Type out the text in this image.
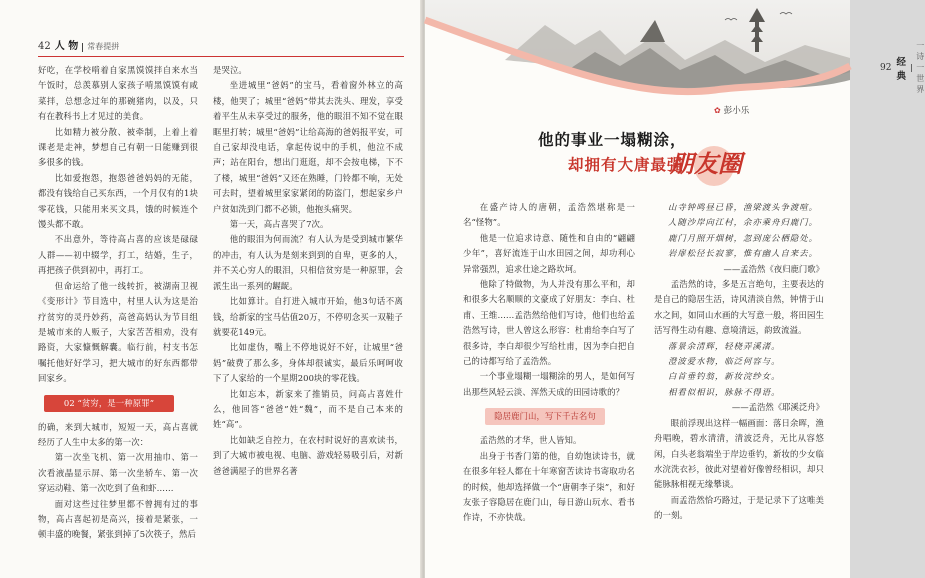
42 人 物 常春提拼

好吃，在学校啃着自家黑馍馍拌自来水当午饭时，总羡慕别人家孩子啃黑馍馍有咸菜拌，总想念过年的那碗猪肉，以及，只有在教科书上才见过的美食。

比如精力被分散、被牵制，上着上着课老是走神，梦想自己有朝一日能赚到很多很多的钱。

比如爱抱怨，抱怨爸爸妈妈的无能，都没有钱给自己买东西，一个月仅有的1块零花钱，只能用来买文具，饿的时候连个馒头都不敢。

不出意外，等待高占喜的应该是碌碌人群——初中辍学，打工，结婚，生子，再把孩子供到初中，再打工。

但命运给了他一线转折，被湖南卫视《变形计》节目选中，村里人认为这是治疗贫穷的灵丹妙药，高爸高妈认为节目组是城市来的人贩子，大家苦苦相劝，没有路资，大家慷慨解囊。临行前，村支书怎嘱托他好好学习，把大城市的好东西都带回家乡。

02 “贫穷，是一种原罪”

的确，来到大城市，短短一天，高占喜就经历了人生中太多的第一次：

第一次坐飞机、第一次用抽巾、第一次看液晶显示屏、第一次坐轿车、第一次穿运动鞋、第一次吃到了鱼和虾……

面对这些过往梦里都不曾拥有过的事物，高占喜起初是高兴，接着是紧张，一顿丰盛的晚餐，紧张到掉了5次筷子，然后

是哭泣。

坐进城里“爸妈”的宝马，看着窗外林立的高楼，他哭了；城里“爸妈”带其去洗头、理发，享受着平生从未享受过的服务，他的眼泪不知不觉在眼眶里打转；城里“爸妈”让给高海的爸妈报平安，可自己家却没电话，拿起传说中的手机，他泣不成声；站在阳台，想出门逛逛，却不会按电梯，下不了楼，城里“爸妈”又还在熟睡，门铃都不响，无处可去时，望着城里家家紧闭的防盗门，想起家乡户户贫如洗到门都不必锁，他抱头痛哭。

第一天，高占喜哭了7次。

他的眼泪为何而流？有人认为是受到城市繁华的冲击，有人认为是刻来到到的自卑，更多的人，并不关心穷人的眼泪，只相信贫穷是一种原罪，会派生出一系列的龌龊。

比如算计。自打进入城市开始，他3句话不离钱，给新家的宝马估值20万，不停叨念买一双鞋子就要花149元。

比如虚伪，嘴上不停地说好不好，让城里“爸妈”破费了那么多，身体却很诚实，最后乐呵呵收下了人家给的一个星期200块的零花钱。

比如忘本，新家来了推销员，问高占喜姓什么，他回答“爸爸”姓“魏”，而不是自己本来的姓“高”。

比如缺乏自控力，在农村时说好的喜欢读书，到了大城市被电视、电脑、游戏轻易吸引后，对新爸爸满屋子的世界名著

92 经 典
一诗一世界
✿ 彭小乐
他的事业一塌糊涂，
却拥有大唐最强
朋友圈

在盛产诗人的唐朝，孟浩然堪称是一名“怪物”。

他是一位追求诗意、随性和自由的“翩翩少年”，喜好流连于山水田园之间，却功利心异常强烈，追求仕途之路坎坷。

他除了特做物，为人并没有那么平和，却和很多大名顺顺的文豪成了好朋友：李白、杜甫、王维……孟浩然给他们写诗，他们也给孟浩然写诗，世人曾这么形容：杜甫给李白写了很多诗，李白却很少写给杜甫，因为李白把自己的诗都写给了孟浩然。

一个事业塌糊一塌糊涂的男人，是如何写出那些风轻云淡、浑然天成的田园诗歌的？

隐居鹿门山，写下千古名句

孟浩然的才华，世人皆知。

出身于书香门第的他，自幼饱读诗书，就在很多年轻人都在十年寒窗苦读诗书寄取功名的时候，他却选择做一个“唐朝李子柒”，和好友张子容隐居在鹿门山，每日游山玩水、看书作诗，不亦快哉。

山寺钟鸣昼已昏，渔梁渡头争渡喧。

人随沙岸向江村，余亦乘舟归鹿门。

鹿门月照开烟树，忽到庞公栖隐处。

岩扉松径长寂寥，惟有幽人自来去。

——孟浩然《夜归鹿门歌》

孟浩然的诗，多是五言绝句，主要表达的是自己的隐居生活，诗风清淡自然，钟情于山水之间，如同山水画的大写意一般，将田园生活写得生动有趣、意境清远，韵致流溢。

落景余清辉，轻桡弄溪渚。

澄波爱水物，临泛何容与。

白首垂钓翁，新妆浣纱女。

相看似相识，脉脉不得语。

——孟浩然《耶溪泛舟》

眼前浮现出这样一幅画面：落日余晖，渔舟唱晚，碧水清清，清波泛舟，无比从容悠闲，白头老翁端坐于岸边垂钓，新妆的少女临水浣洗衣衫，彼此对望着好像曾经相识，却只能脉脉相视无缘攀谈。

而孟浩然恰巧路过，于是记录下了这唯美的一刻。
